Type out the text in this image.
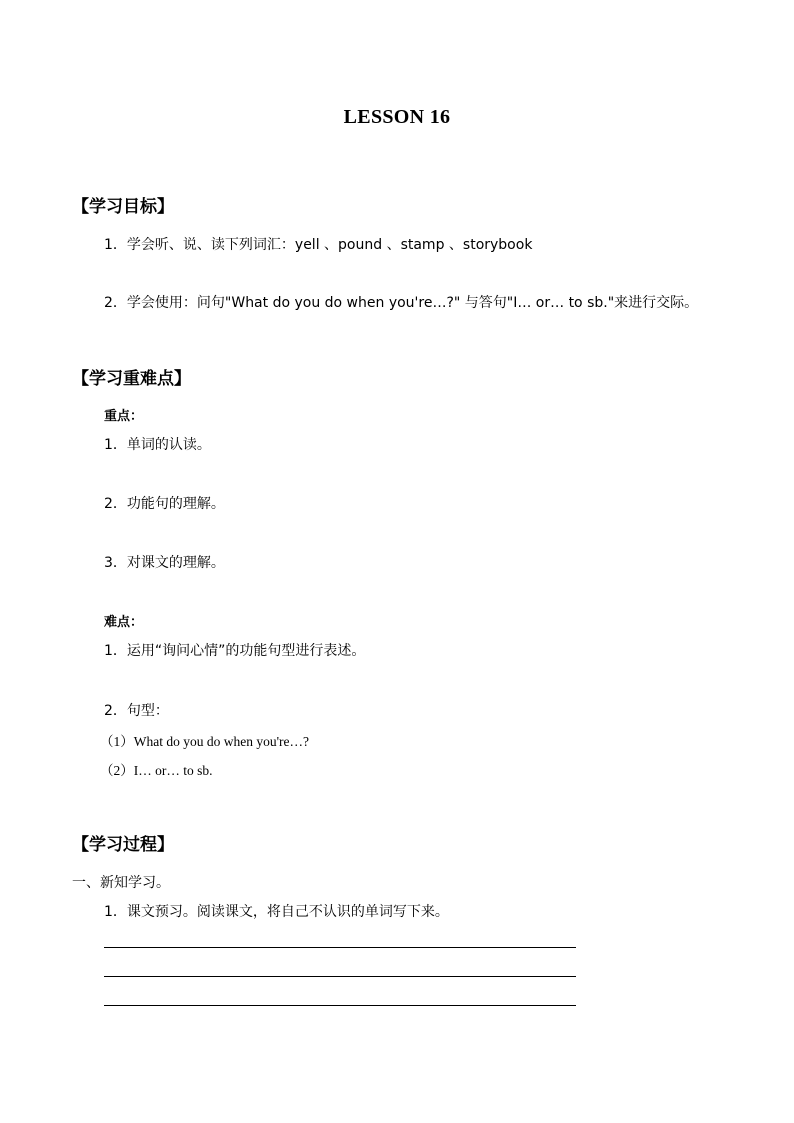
LESSON 16
【学习目标】
1．学会听、说、读下列词汇：yell 、pound 、stamp 、storybook
2．学会使用：问句"What do you do when you're…?" 与答句"I… or… to sb."来进行交际。
【学习重难点】
重点：
1．单词的认读。
2．功能句的理解。
3．对课文的理解。
难点：
1．运用“询问心情”的功能句型进行表述。
2．句型：
（1）What do you do when you're…?
（2）I… or… to sb.
【学习过程】
一、新知学习。
1．课文预习。阅读课文，将自己不认识的单词写下来。
